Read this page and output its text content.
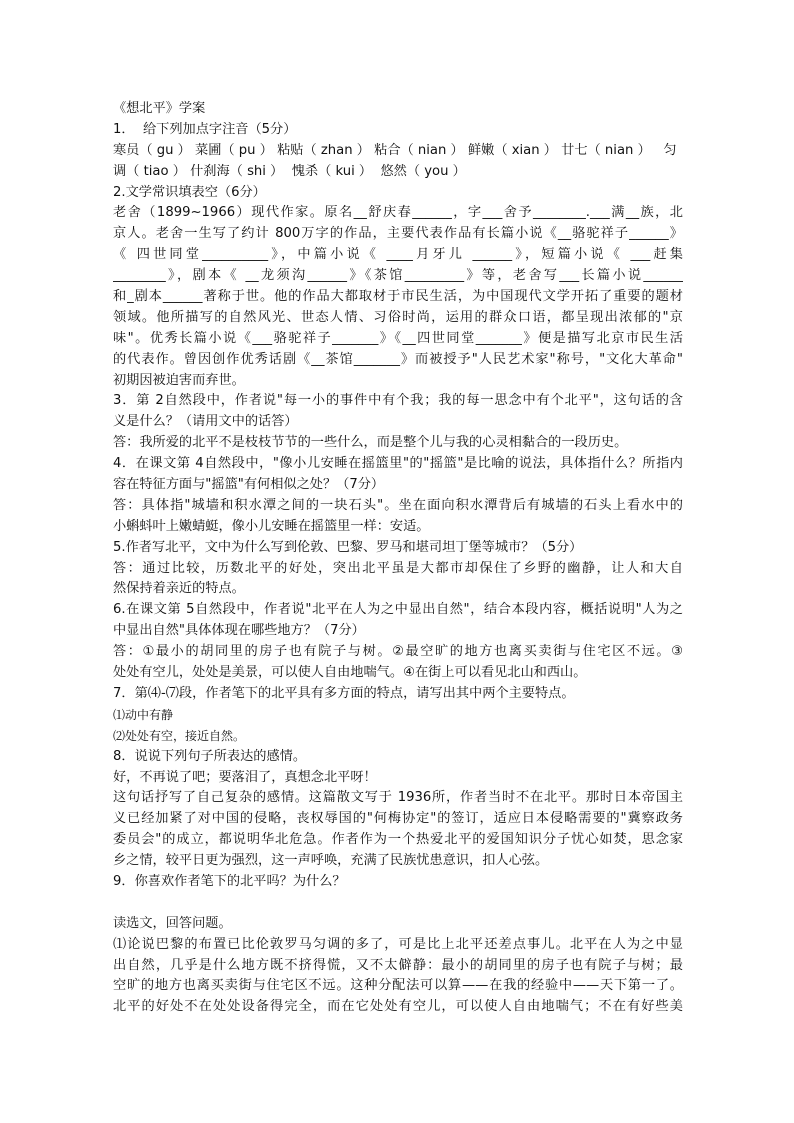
《想北平》学案
1．  给下列加点字注音（5分）
寒员（ gu ） 菜圃（ pu ） 粘贴（ zhan ） 粘合（ nian ） 鲜嫩（ xian ） 廿七（ nian ）   匀
调（ tiao ） 什刹海（ shi ）  愧杀（ kui ）  悠然（ you ）
2.文学常识填表空（6分）
老舍（1899~1966）现代作家。原名__舒庆春______，字___舍予________.___满__族，北
京人。老舍一生写了约计 800万字的作品，主要代表作品有长篇小说《__骆驼祥子______》
《 四世同堂__________》，中篇小说《 ____月牙儿 ______》，短篇小说《 ___赶集
________》，剧本《 __龙须沟______》《茶馆_________》等，老舍写___长篇小说______
和_剧本______著称于世。他的作品大都取材于市民生活，为中国现代文学开拓了重要的题材
领域。他所描写的自然风光、世态人情、习俗时尚，运用的群众口语，都呈现出浓郁的"京
味"。优秀长篇小说《___骆驼祥子_______》《__四世同堂_______》便是描写北京市民生活
的代表作。曾因创作优秀话剧《__茶馆_______》而被授予"人民艺术家"称号，"文化大革命"
初期因被迫害而弃世。
3．第 2自然段中，作者说"每一小的事件中有个我；我的每一思念中有个北平"，这句话的含
义是什么？（请用文中的话答）
答：我所爱的北平不是枝枝节节的一些什么，而是整个儿与我的心灵相黏合的一段历史。
4．在课文第 4自然段中，"像小儿安睡在摇篮里"的"摇篮"是比喻的说法，具体指什么？所指内
容在特征方面与"摇篮"有何相似之处？（7分）
答：具体指"城墙和积水潭之间的一块石头"。坐在面向积水潭背后有城墙的石头上看水中的
小蝌蚪叶上嫩蜻蜓，像小儿安睡在摇篮里一样：安适。
5.作者写北平，文中为什么写到伦敦、巴黎、罗马和堪司坦丁堡等城市？（5分）
答：通过比较，历数北平的好处，突出北平虽是大都市却保住了乡野的幽静，让人和大自
然保持着亲近的特点。
6.在课文第 5自然段中，作者说"北平在人为之中显出自然"，结合本段内容，概括说明"人为之
中显出自然"具体体现在哪些地方？（7分）
答：①最小的胡同里的房子也有院子与树。②最空旷的地方也离买卖街与住宅区不远。③
处处有空儿，处处是美景，可以使人自由地喘气。④在街上可以看见北山和西山。
7．第⑷-⑺段，作者笔下的北平具有多方面的特点，请写出其中两个主要特点。
⑴动中有静
⑵处处有空，接近自然。
8．说说下列句子所表达的感情。
好，不再说了吧；要落泪了，真想念北平呀！
这句话抒写了自己复杂的感情。这篇散文写于 1936所，作者当时不在北平。那时日本帝国主
义已经加紧了对中国的侵略，丧权辱国的"何梅协定"的签订，适应日本侵略需要的"冀察政务
委员会"的成立，都说明华北危急。作者作为一个热爱北平的爱国知识分子忧心如焚，思念家
乡之情，较平日更为强烈，这一声呼唤，充满了民族忧患意识，扣人心弦。
9．你喜欢作者笔下的北平吗？为什么？
读选文，回答问题。
⑴论说巴黎的布置已比伦敦罗马匀调的多了，可是比上北平还差点事儿。北平在人为之中显
出自然，几乎是什么地方既不挤得慌，又不太僻静：最小的胡同里的房子也有院子与树；最
空旷的地方也离买卖街与住宅区不远。这种分配法可以算——在我的经验中——天下第一了。
北平的好处不在处处设备得完全，而在它处处有空儿，可以使人自由地喘气；不在有好些美
